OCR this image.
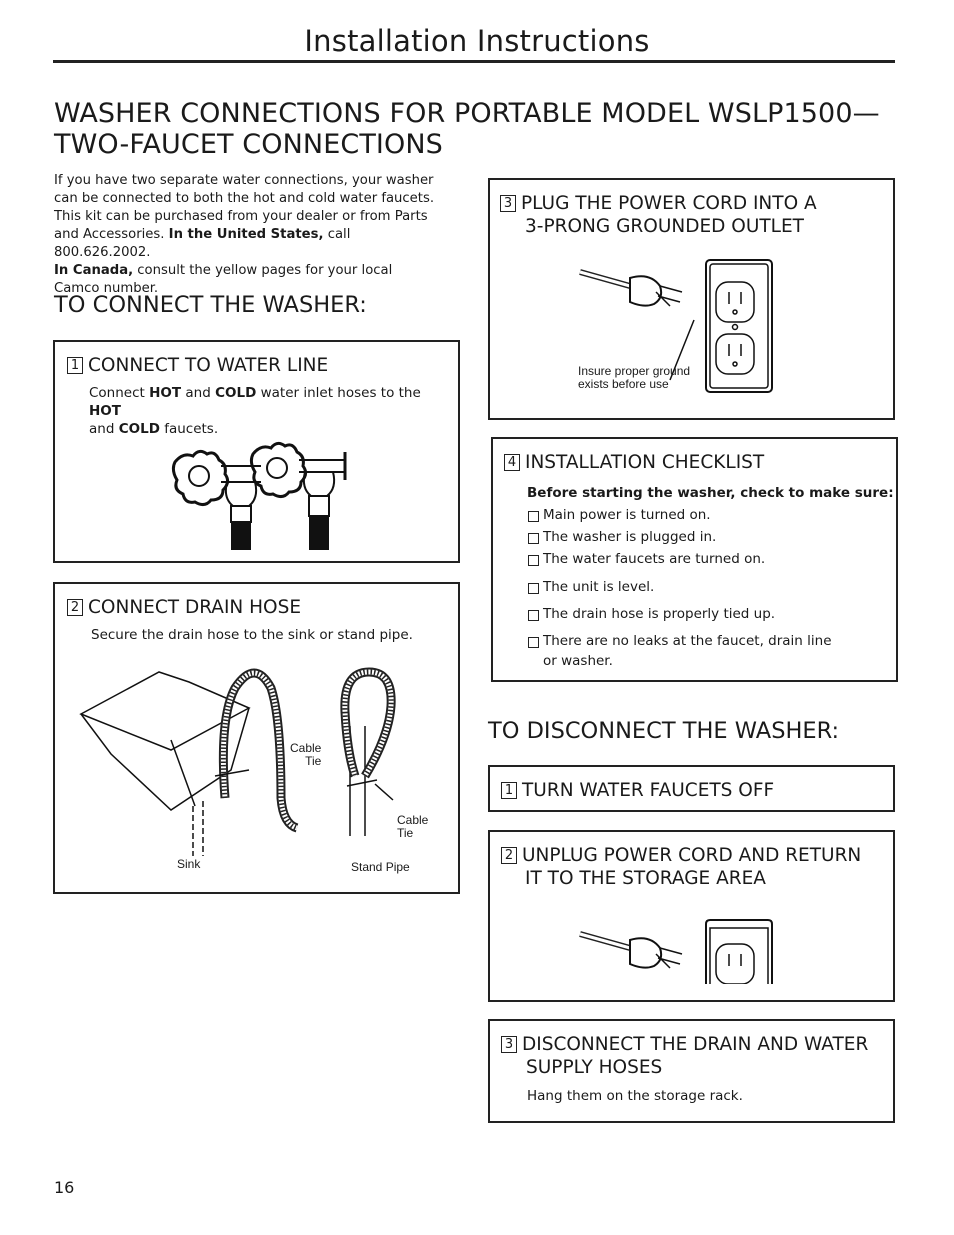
Installation Instructions
WASHER CONNECTIONS FOR PORTABLE MODEL WSLP1500—
TWO-FAUCET CONNECTIONS
If you have two separate water connections, your washer can be connected to both the hot and cold water faucets. This kit can be purchased from your dealer or from Parts and Accessories. In the United States, call 800.626.2002.
In Canada, consult the yellow pages for your local Camco number.
TO CONNECT THE WASHER:
1 CONNECT TO WATER LINE
Connect HOT and COLD water inlet hoses to the HOT
and COLD faucets.
2 CONNECT DRAIN HOSE
Secure the drain hose to the sink or stand pipe.
Cable
Tie
Cable
Tie
Sink	Stand Pipe
3 PLUG THE POWER CORD INTO A
3-PRONG GROUNDED OUTLET
Insure proper ground
exists before use
4 INSTALLATION CHECKLIST
Before starting the washer, check to make sure:
Main power is turned on.
The washer is plugged in.
The water faucets are turned on.
The unit is level.
The drain hose is properly tied up.
There are no leaks at the faucet, drain line
or washer.
TO DISCONNECT THE WASHER:
1 TURN WATER FAUCETS OFF
2 UNPLUG POWER CORD AND RETURN
IT TO THE STORAGE AREA
3 DISCONNECT THE DRAIN AND WATER
SUPPLY HOSES
Hang them on the storage rack.
16
